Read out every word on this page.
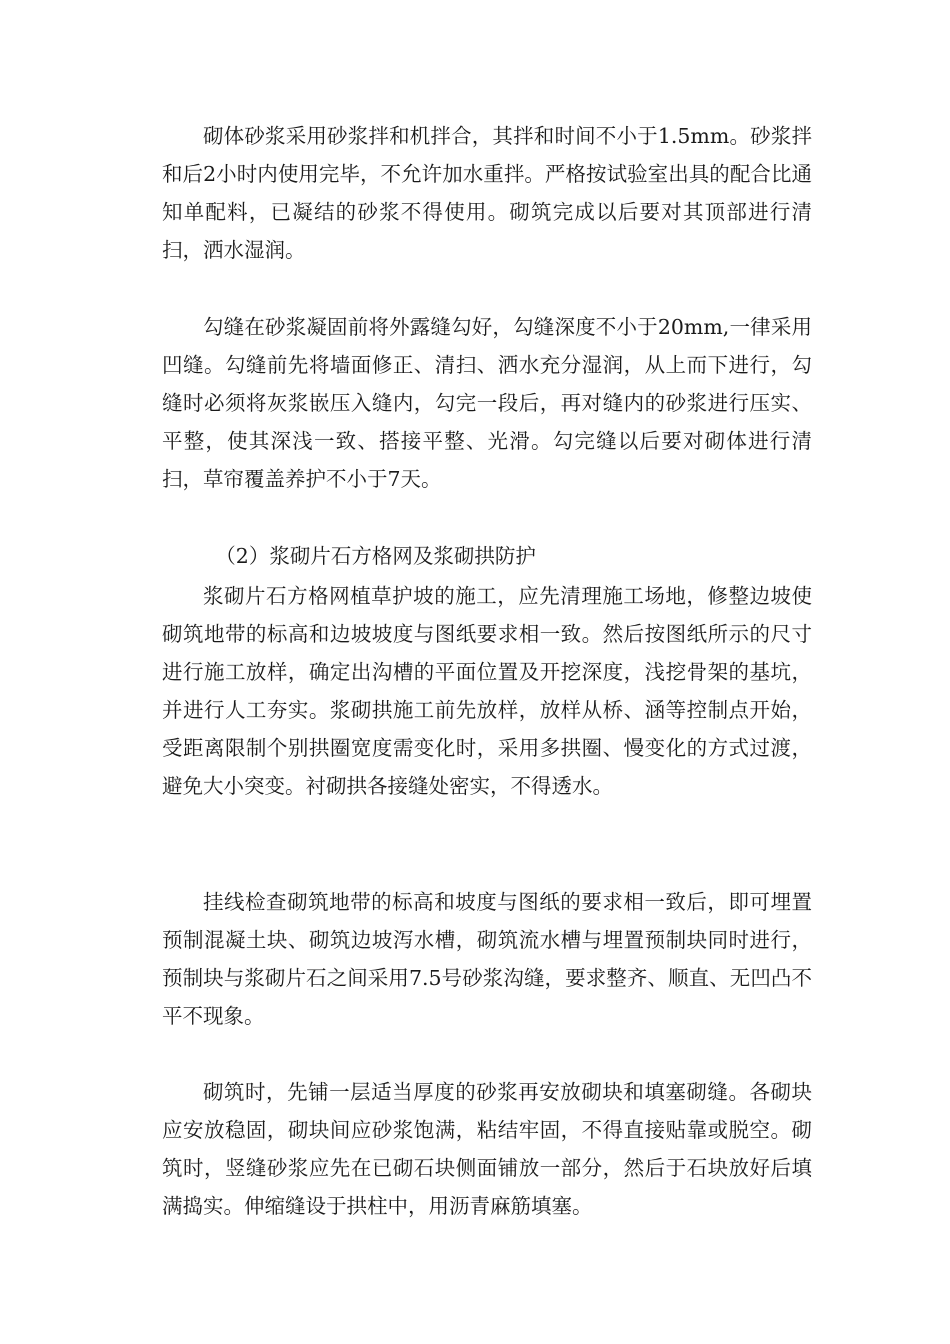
砌体砂浆采用砂浆拌和机拌合，其拌和时间不小于1.5mm。砂浆拌和后2小时内使用完毕，不允许加水重拌。严格按试验室出具的配合比通知单配料，已凝结的砂浆不得使用。砌筑完成以后要对其顶部进行清扫，洒水湿润。

勾缝在砂浆凝固前将外露缝勾好，勾缝深度不小于20mm,一律采用凹缝。勾缝前先将墙面修正、清扫、洒水充分湿润，从上而下进行，勾缝时必须将灰浆嵌压入缝内，勾完一段后，再对缝内的砂浆进行压实、平整，使其深浅一致、搭接平整、光滑。勾完缝以后要对砌体进行清扫，草帘覆盖养护不小于7天。

（2）浆砌片石方格网及浆砌拱防护

浆砌片石方格网植草护坡的施工，应先清理施工场地，修整边坡使砌筑地带的标高和边坡坡度与图纸要求相一致。然后按图纸所示的尺寸进行施工放样，确定出沟槽的平面位置及开挖深度，浅挖骨架的基坑，并进行人工夯实。浆砌拱施工前先放样，放样从桥、涵等控制点开始，受距离限制个别拱圈宽度需变化时，采用多拱圈、慢变化的方式过渡，避免大小突变。衬砌拱各接缝处密实，不得透水。

挂线检查砌筑地带的标高和坡度与图纸的要求相一致后，即可埋置预制混凝土块、砌筑边坡泻水槽，砌筑流水槽与埋置预制块同时进行，预制块与浆砌片石之间采用7.5号砂浆沟缝，要求整齐、顺直、无凹凸不平不现象。

砌筑时，先铺一层适当厚度的砂浆再安放砌块和填塞砌缝。各砌块应安放稳固，砌块间应砂浆饱满，粘结牢固，不得直接贴靠或脱空。砌筑时，竖缝砂浆应先在已砌石块侧面铺放一部分，然后于石块放好后填满捣实。伸缩缝设于拱柱中，用沥青麻筋填塞。
